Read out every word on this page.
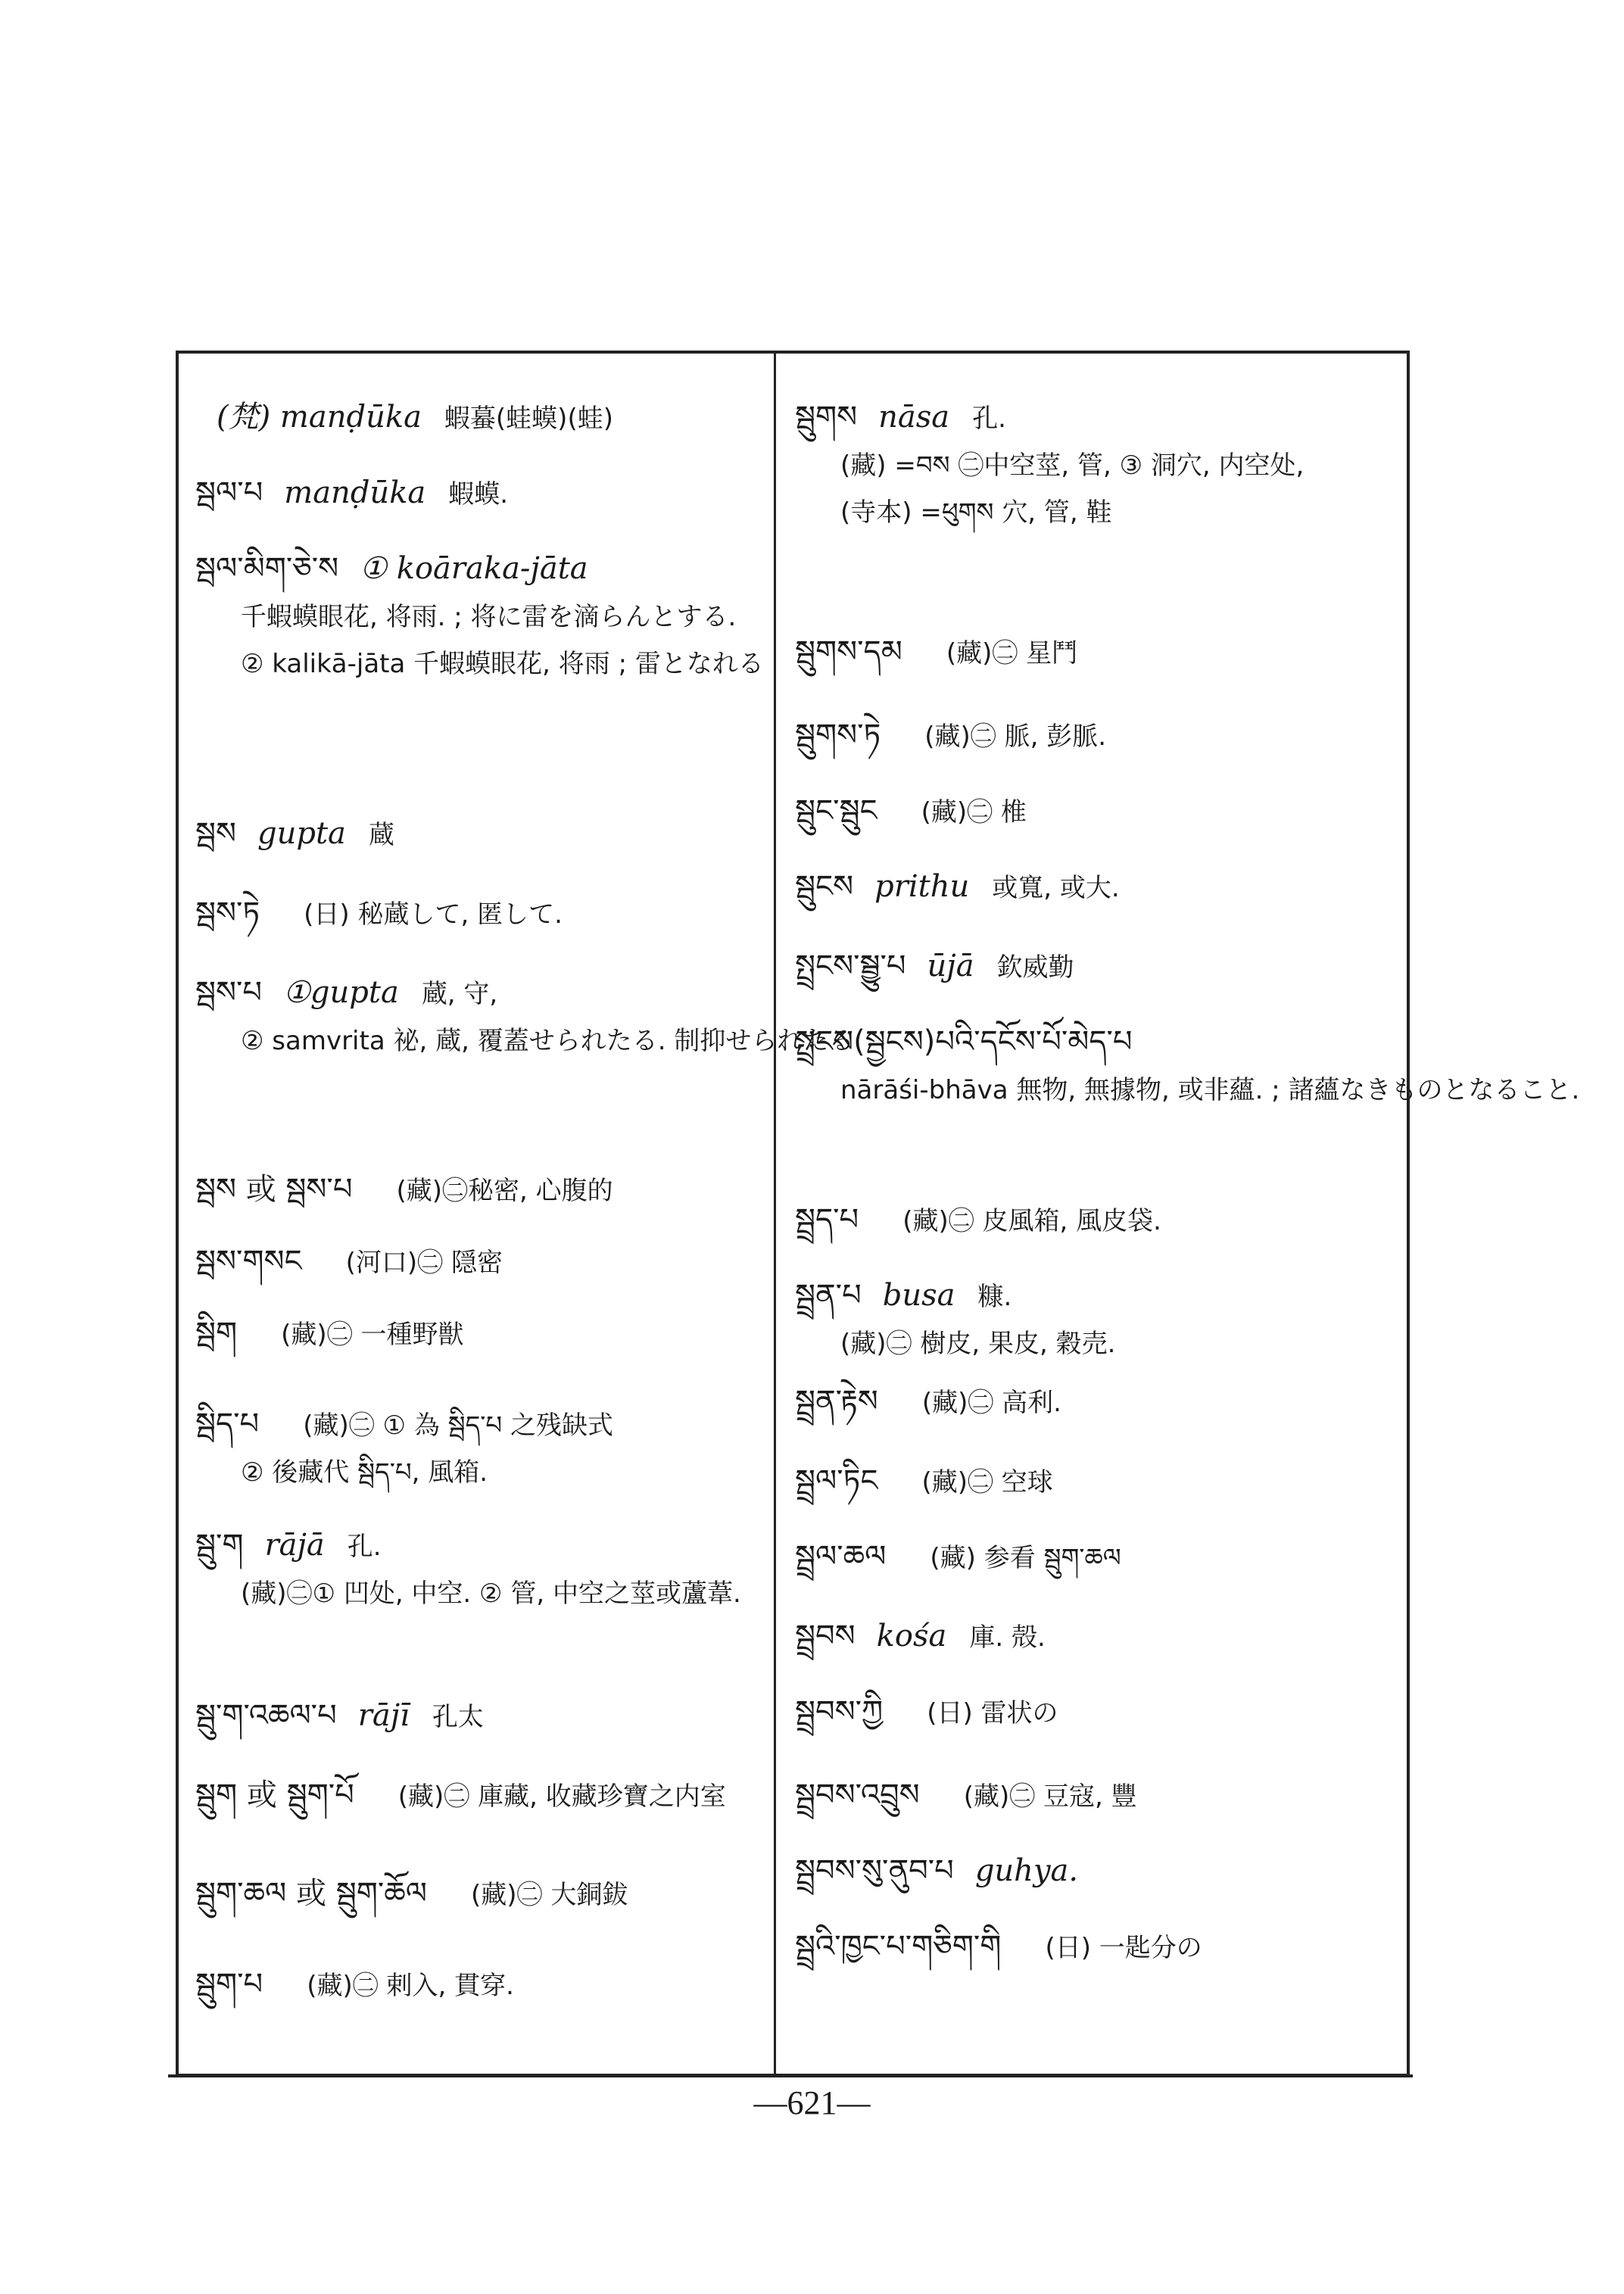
(梵) manḍūka 蝦蟇(蛙蟆)(蛙)
སྦལ་པ manḍūka 蝦蟆.
སྦལ་མིག་ཅེ་ས ① koāraka-jāta
千蝦蟆眼花, 将雨. ; 将に雷を滴らんとする.
② kalikā-jāta 千蝦蟆眼花, 将雨 ; 雷となれる
སྦས gupta 蔵
སྦས་ཏེ (日) 秘蔵して, 匿して.
སྦས་པ ①gupta 蔵, 守,
② samvrita 祕, 蔵, 覆蓋せられたる. 制抑せられたる
སྦས 或 སྦས་པ (藏)㊁秘密, 心腹的
སྦས་གསང (河口)㊁ 隠密
སྦིག (藏)㊁ 一種野獣
སྦིད་པ (藏)㊁ ① 為 སྦིད་པ 之残缺式
② 後藏代 སྦིད་པ, 風箱.
སྦུ་ག rājā 孔.
(藏)㊁① 凹处, 中空. ② 管, 中空之莖或蘆葦.
སྦུ་ག་འཆལ་པ rājī 孔太
སྦུག 或 སྦུག་པོ (藏)㊁ 庫藏, 收藏珍寶之内室
སྦུག་ཆལ 或 སྦུག་ཆོལ (藏)㊁ 大銅鈸
སྦུག་པ (藏)㊁ 剌入, 貫穿.
སྦུགས nāsa 孔.
(藏) =བས ㊁中空莖, 管, ③ 洞穴, 内空处,
(寺本) =ཕུགས 穴, 管, 鞋
སྦུགས་དམ (藏)㊁ 星鬥
སྦུགས་ཏེ (藏)㊁ 脈, 彭脈.
སྦུང་སྦུང (藏)㊁ 椎
སྦུངས prithu 或寬, 或大.
སྤྲངས་སྦྱུ་པ ūjā 欽威勤
སྤྲངས(སྦྱངས)པའི་དངོས་པོ་མེད་པ
nārāśi-bhāva 無物, 無據物, 或非蘊. ; 諸蘊なきものとなること.
སྦྲད་པ (藏)㊁ 皮風箱, 風皮袋.
སྦྲན་པ busa 糠.
(藏)㊁ 樹皮, 果皮, 穀売.
སྦྲན་རྟེས (藏)㊁ 高利.
སྦྲལ་ཏིང (藏)㊁ 空球
སྦྲལ་ཆལ (藏) 参看 སྦུག་ཆལ
སྦྲབས kośa 庫. 殻.
སྦྲབས་ཀྱི (日) 雷状の
སྦྲབས་འབྲུས (藏)㊁ 豆寇, 豐
སྦྲབས་སུ་ནུབ་པ guhya.
སྦྲའི་ཁྱང་པ་གཅིག་གི (日) 一匙分の
—621—
